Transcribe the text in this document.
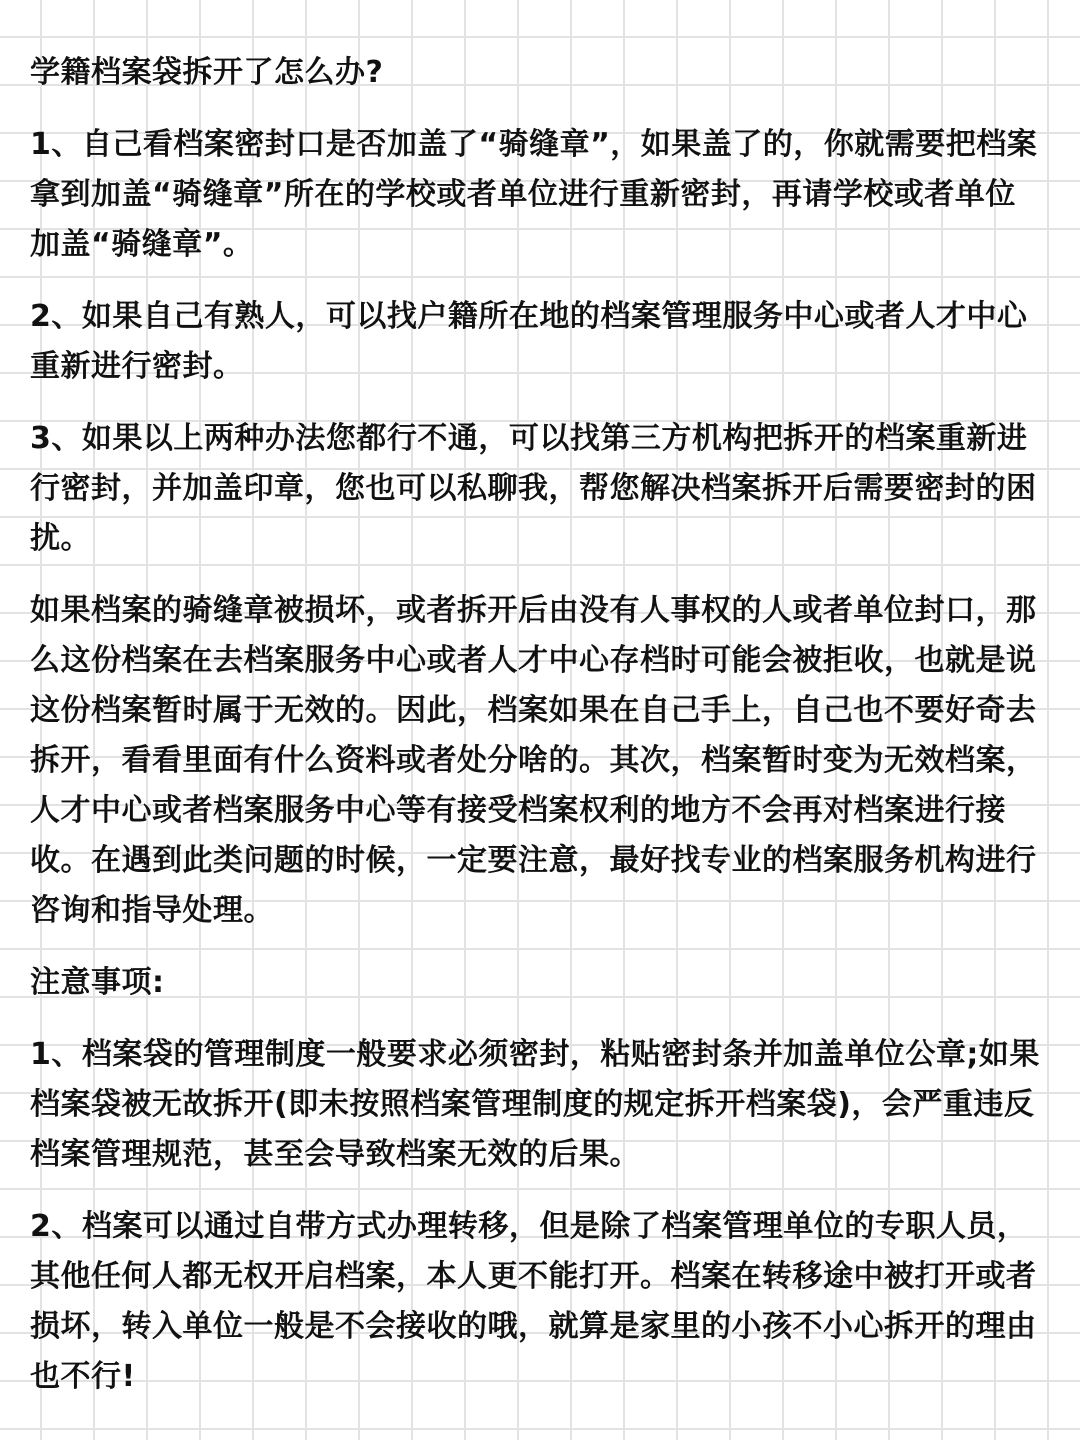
学籍档案袋拆开了怎么办?

1、自己看档案密封口是否加盖了“骑缝章”，如果盖了的，你就需要把档案拿到加盖“骑缝章”所在的学校或者单位进行重新密封，再请学校或者单位加盖“骑缝章”。

2、如果自己有熟人，可以找户籍所在地的档案管理服务中心或者人才中心重新进行密封。

3、如果以上两种办法您都行不通，可以找第三方机构把拆开的档案重新进行密封，并加盖印章，您也可以私聊我，帮您解决档案拆开后需要密封的困扰。

如果档案的骑缝章被损坏，或者拆开后由没有人事权的人或者单位封口，那么这份档案在去档案服务中心或者人才中心存档时可能会被拒收，也就是说这份档案暂时属于无效的。因此，档案如果在自己手上，自己也不要好奇去拆开，看看里面有什么资料或者处分啥的。其次，档案暂时变为无效档案，人才中心或者档案服务中心等有接受档案权利的地方不会再对档案进行接收。在遇到此类问题的时候，一定要注意，最好找专业的档案服务机构进行咨询和指导处理。

注意事项:

1、档案袋的管理制度一般要求必须密封，粘贴密封条并加盖单位公章;如果档案袋被无故拆开(即未按照档案管理制度的规定拆开档案袋)，会严重违反档案管理规范，甚至会导致档案无效的后果。

2、档案可以通过自带方式办理转移，但是除了档案管理单位的专职人员，其他任何人都无权开启档案，本人更不能打开。档案在转移途中被打开或者损坏，转入单位一般是不会接收的哦，就算是家里的小孩不小心拆开的理由也不行!
